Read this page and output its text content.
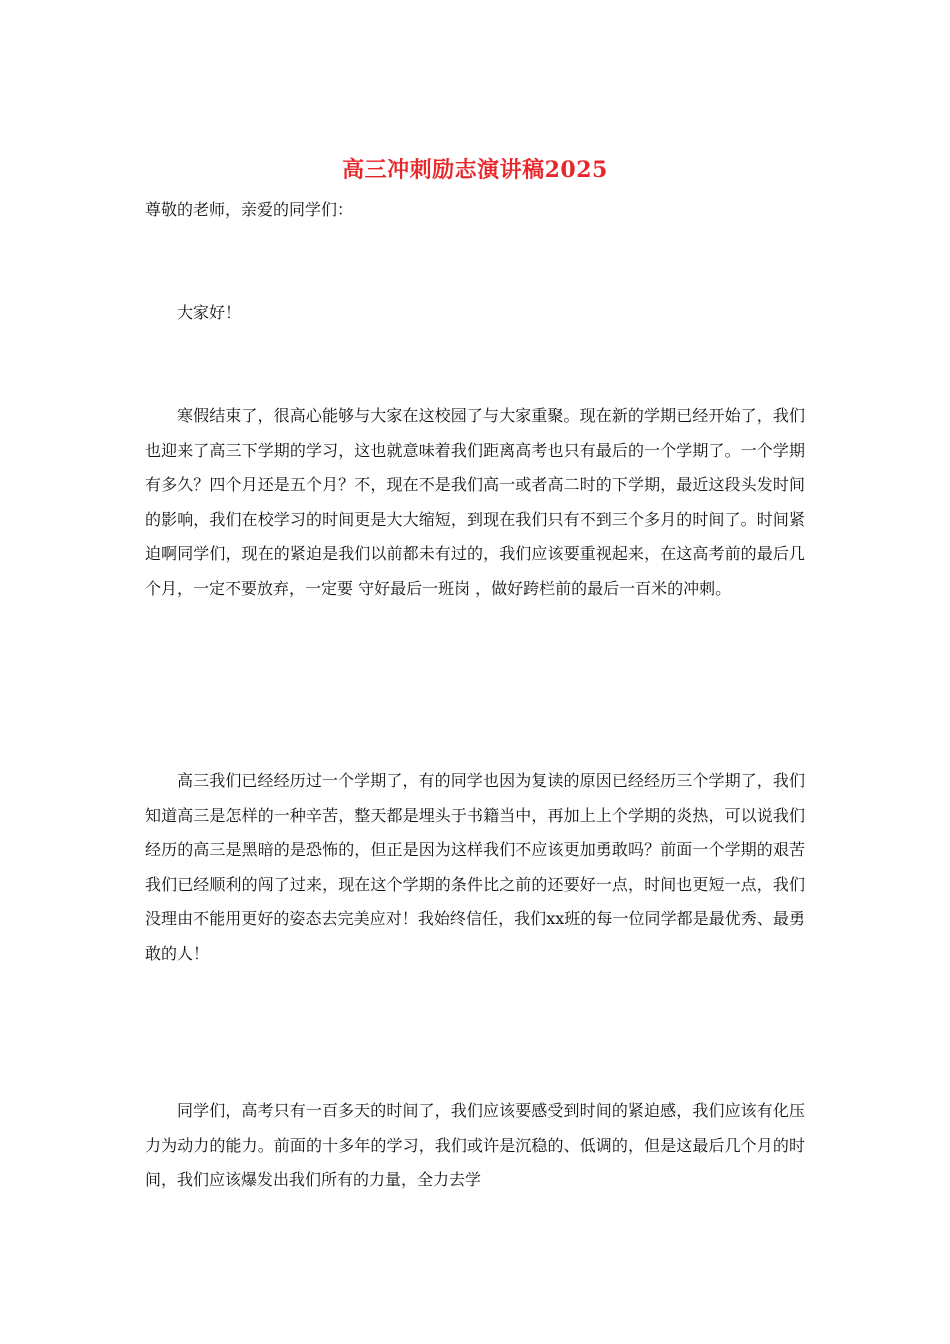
高三冲刺励志演讲稿2025

尊敬的老师，亲爱的同学们：

大家好！

寒假结束了，很高心能够与大家在这校园了与大家重聚。现在新的学期已经开始了，我们也迎来了高三下学期的学习，这也就意味着我们距离高考也只有最后的一个学期了。一个学期有多久？四个月还是五个月？不，现在不是我们高一或者高二时的下学期，最近这段头发时间的影响，我们在校学习的时间更是大大缩短，到现在我们只有不到三个多月的时间了。时间紧迫啊同学们，现在的紧迫是我们以前都未有过的，我们应该要重视起来，在这高考前的最后几个月，一定不要放弃，一定要 守好最后一班岗 ，做好跨栏前的最后一百米的冲刺。

高三我们已经经历过一个学期了，有的同学也因为复读的原因已经经历三个学期了，我们知道高三是怎样的一种辛苦，整天都是埋头于书籍当中，再加上上个学期的炎热，可以说我们经历的高三是黑暗的是恐怖的，但正是因为这样我们不应该更加勇敢吗？前面一个学期的艰苦我们已经顺利的闯了过来，现在这个学期的条件比之前的还要好一点，时间也更短一点，我们没理由不能用更好的姿态去完美应对！我始终信任，我们xx班的每一位同学都是最优秀、最勇敢的人！

同学们，高考只有一百多天的时间了，我们应该要感受到时间的紧迫感，我们应该有化压力为动力的能力。前面的十多年的学习，我们或许是沉稳的、低调的，但是这最后几个月的时间，我们应该爆发出我们所有的力量，全力去学
